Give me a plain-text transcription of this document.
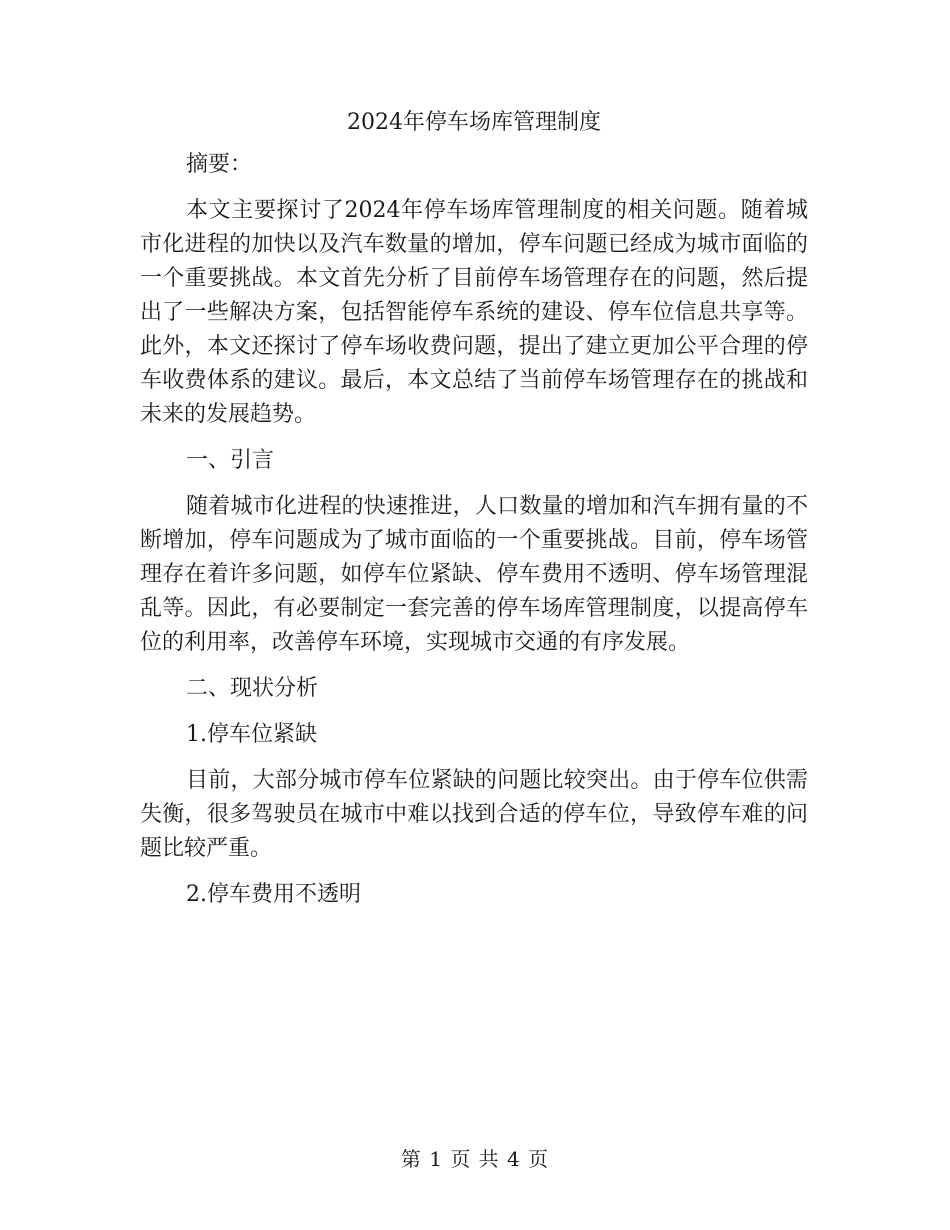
2024年停车场库管理制度

摘要：

本文主要探讨了2024年停车场库管理制度的相关问题。随着城市化进程的加快以及汽车数量的增加，停车问题已经成为城市面临的一个重要挑战。本文首先分析了目前停车场管理存在的问题，然后提出了一些解决方案，包括智能停车系统的建设、停车位信息共享等。此外，本文还探讨了停车场收费问题，提出了建立更加公平合理的停车收费体系的建议。最后，本文总结了当前停车场管理存在的挑战和未来的发展趋势。

一、引言

随着城市化进程的快速推进，人口数量的增加和汽车拥有量的不断增加，停车问题成为了城市面临的一个重要挑战。目前，停车场管理存在着许多问题，如停车位紧缺、停车费用不透明、停车场管理混乱等。因此，有必要制定一套完善的停车场库管理制度，以提高停车位的利用率，改善停车环境，实现城市交通的有序发展。

二、现状分析

1.停车位紧缺

目前，大部分城市停车位紧缺的问题比较突出。由于停车位供需失衡，很多驾驶员在城市中难以找到合适的停车位，导致停车难的问题比较严重。

2.停车费用不透明

第 1 页 共 4 页
